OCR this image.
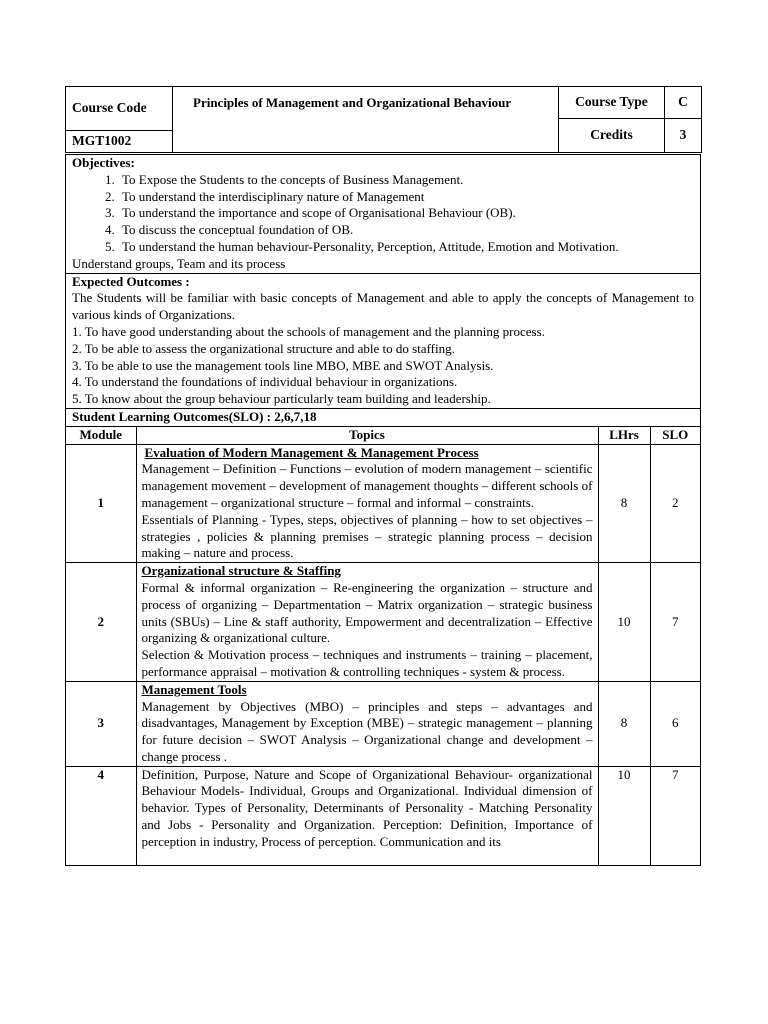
Course Code	Principles of Management and Organizational Behaviour	Course Type	C
		Credits	3
MGT1002			
Objectives:
1. To Expose the Students to the concepts of Business Management.
2. To understand the interdisciplinary nature of Management
3. To understand the importance and scope of Organisational Behaviour (OB).
4. To discuss the conceptual foundation of OB.
5. To understand the human behaviour-Personality, Perception, Attitude, Emotion and Motivation.

Understand groups, Team and its process

Expected Outcomes :

The Students will be familiar with basic concepts of Management and able to apply the concepts of Management to various kinds of Organizations.

1. To have good understanding about the schools of management and the planning process.

2. To be able to assess the organizational structure and able to do staffing.

3. To be able to use the management tools line MBO, MBE and SWOT Analysis.

4. To understand the foundations of individual behaviour in organizations.

5. To know about the group behaviour particularly team building and leadership.

Student Learning Outcomes(SLO) : 2,6,7,18
Module	Topics	LHrs	SLO
1	Evaluation of Modern Management & Management Process
Management – Definition – Functions – evolution of modern management – scientific management movement – development of management thoughts – different schools of management – organizational structure – formal and informal – constraints.
Essentials of Planning - Types, steps, objectives of planning – how to set objectives – strategies , policies & planning premises – strategic planning process – decision making – nature and process.	8	2
2	Organizational structure & Staffing
Formal & informal organization – Re-engineering the organization – structure and process of organizing – Departmentation – Matrix organization – strategic business units (SBUs) – Line & staff authority, Empowerment and decentralization – Effective organizing & organizational culture.
Selection & Motivation process – techniques and instruments – training – placement, performance appraisal – motivation & controlling techniques - system & process.	10	7
3	Management Tools
Management by Objectives (MBO) – principles and steps – advantages and disadvantages, Management by Exception (MBE) – strategic management – planning for future decision – SWOT Analysis – Organizational change and development – change process .	8	6
4	Definition, Purpose, Nature and Scope of Organizational Behaviour- organizational Behaviour Models- Individual, Groups and Organizational. Individual dimension of behavior. Types of Personality, Determinants of Personality - Matching Personality and Jobs - Personality and Organization. Perception: Definition, Importance of perception in industry, Process of perception. Communication and its	10	7
